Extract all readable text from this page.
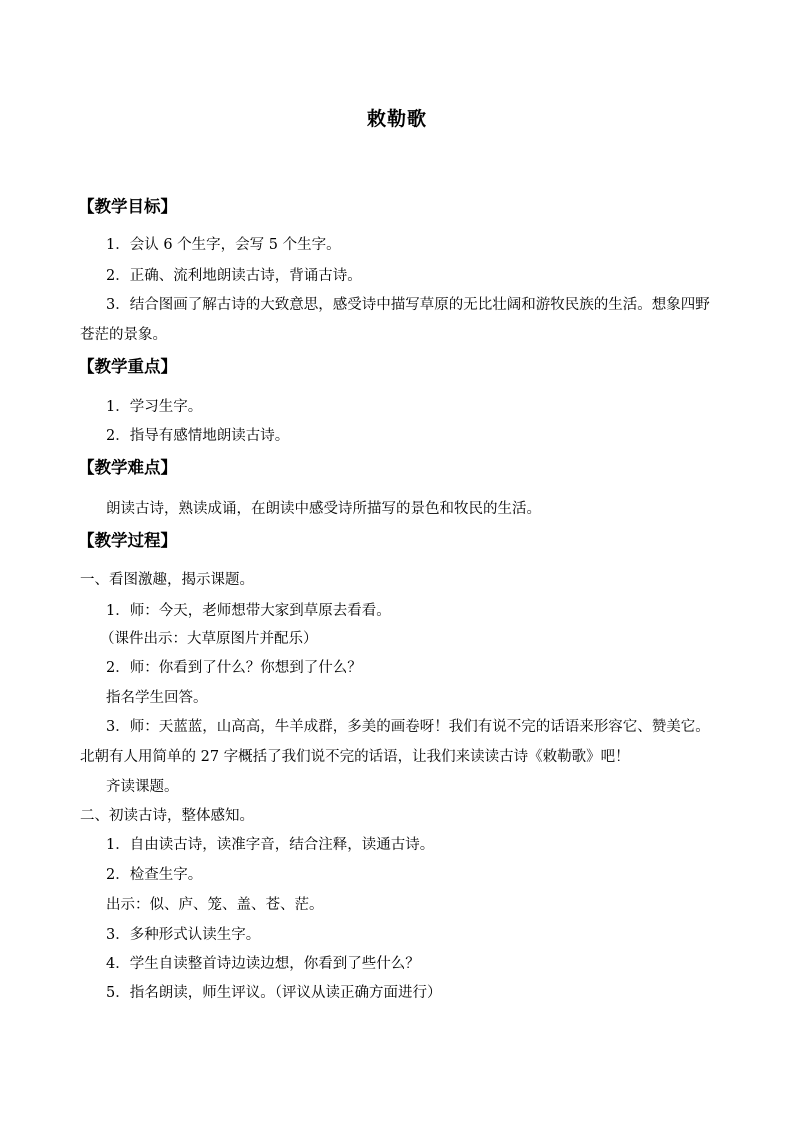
敕勒歌
【教学目标】
1．会认 6 个生字，会写 5 个生字。
2．正确、流利地朗读古诗，背诵古诗。
3．结合图画了解古诗的大致意思，感受诗中描写草原的无比壮阔和游牧民族的生活。想象四野苍茫的景象。
【教学重点】
1．学习生字。
2．指导有感情地朗读古诗。
【教学难点】
朗读古诗，熟读成诵，在朗读中感受诗所描写的景色和牧民的生活。
【教学过程】
一、看图激趣，揭示课题。
1．师：今天，老师想带大家到草原去看看。
（课件出示：大草原图片并配乐）
2．师：你看到了什么？你想到了什么？
指名学生回答。
3．师：天蓝蓝，山高高，牛羊成群，多美的画卷呀！我们有说不完的话语来形容它、赞美它。北朝有人用简单的 27 字概括了我们说不完的话语，让我们来读读古诗《敕勒歌》吧！
齐读课题。
二、初读古诗，整体感知。
1．自由读古诗，读准字音，结合注释，读通古诗。
2．检查生字。
出示：似、庐、笼、盖、苍、茫。
3．多种形式认读生字。
4．学生自读整首诗边读边想，你看到了些什么？
5．指名朗读，师生评议。（评议从读正确方面进行）
